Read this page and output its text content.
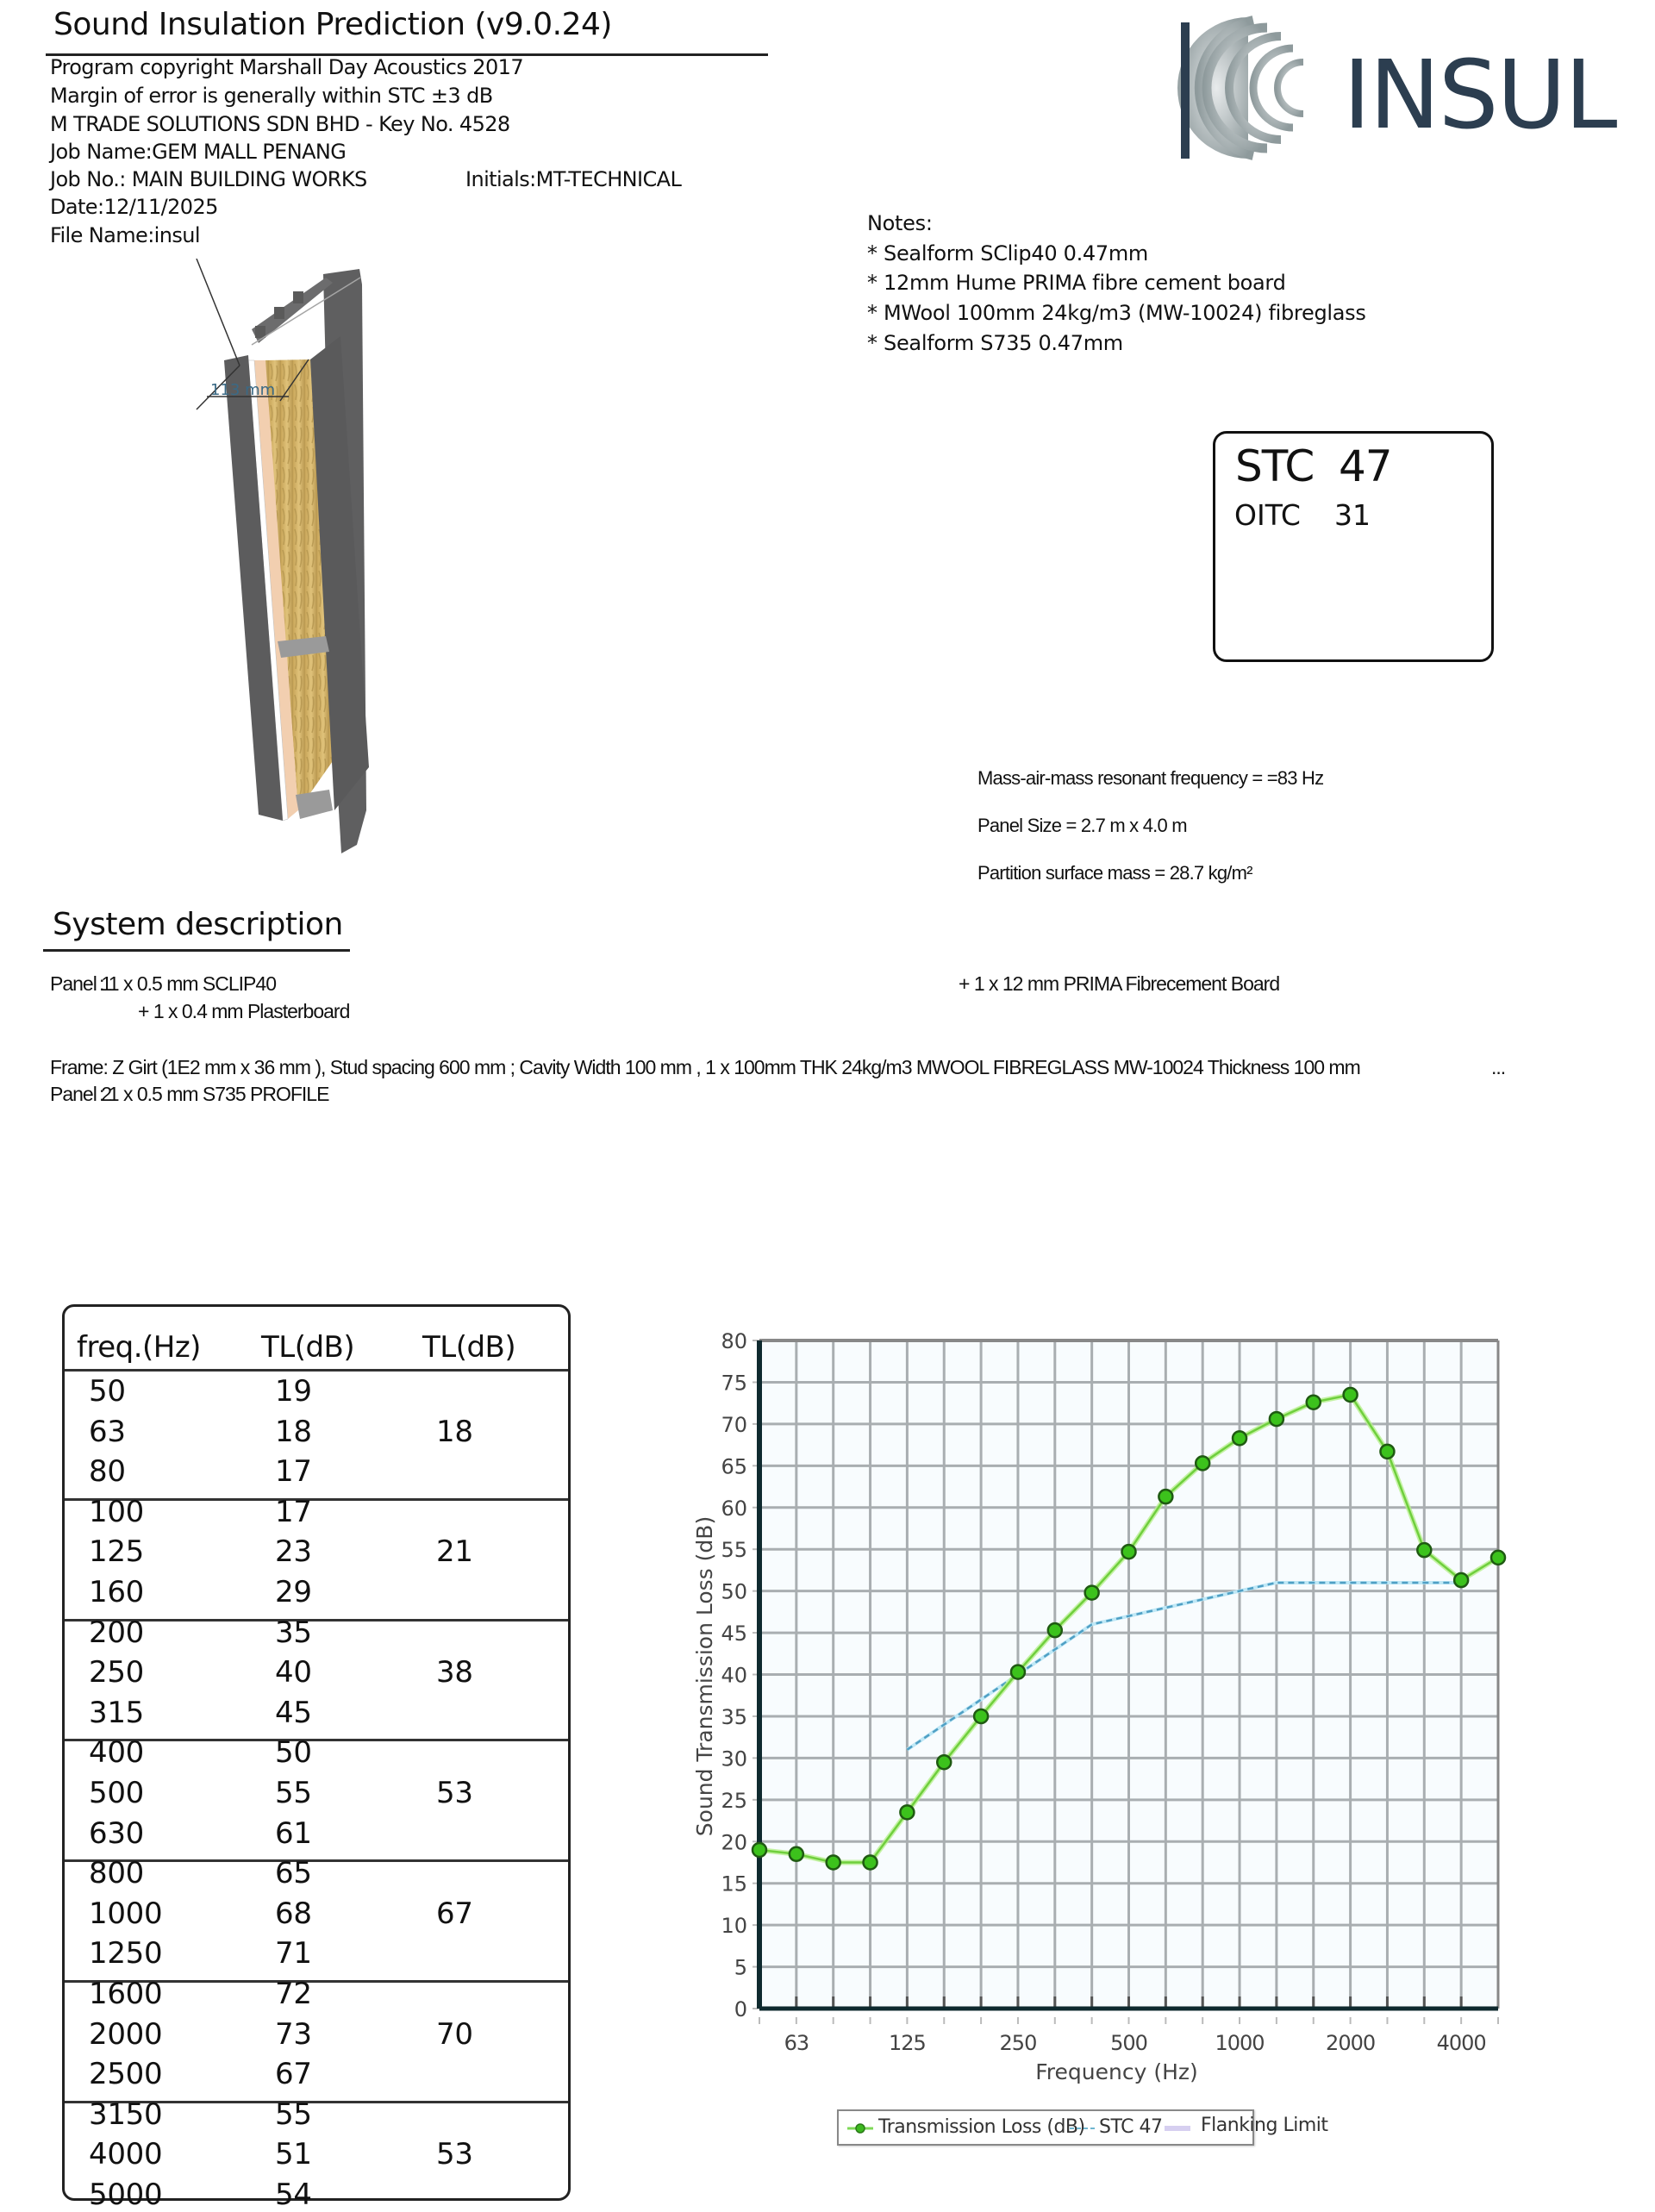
Sound Insulation Prediction (v9.0.24)
Program copyright Marshall Day Acoustics 2017
Margin of error is generally within STC ±3 dB
M TRADE SOLUTIONS SDN BHD - Key No. 4528
Job Name:GEM MALL PENANG
Job No.: MAIN BUILDING WORKS	Initials:MT-TECHNICAL
Date:12/11/2025
File Name:insul
INSUL
Notes:
* Sealform SClip40 0.47mm
* 12mm Hume PRIMA fibre cement board
* MWool 100mm 24kg/m3 (MW-10024) fibreglass
* Sealform S735 0.47mm
113 mm
STC 47
OITC 31
Mass-air-mass resonant frequency = =83 Hz
Panel Size = 2.7 m x 4.0 m
Partition surface mass = 28.7 kg/m²
System description
Panel 1
: 1 x 0.5 mm SCLIP40
+ 1 x 0.4 mm Plasterboard
+ 1 x 12 mm PRIMA Fibrecement Board
Frame: Z Girt (1E2 mm x 36 mm ), Stud spacing 600 mm ; Cavity Width 100 mm , 1 x 100mm THK 24kg/m3 MWOOL FIBREGLASS MW-10024 Thickness 100 mm	...
Panel 2
: 1 x 0.5 mm S735 PROFILE
freq.(Hz) TL(dB) TL(dB)
50	19
63	18	18
80	17
100	17
125	23	21
160	29
200	35
250	40	38
315	45
400	50
500	55	53
630	61
800	65
1000	68	67
1250	71
1600	72
2000	73	70
2500	67
3150	55
4000	51	53
5000	54
0
5
10
15
20
25
30
35
40
45
50
55
60
65
70
75
80
63	125	250	500	1000	2000	4000
Frequency (Hz)
Sound Transmission Loss (dB)
Transmission Loss (dB) STC 47 Flanking Limit
